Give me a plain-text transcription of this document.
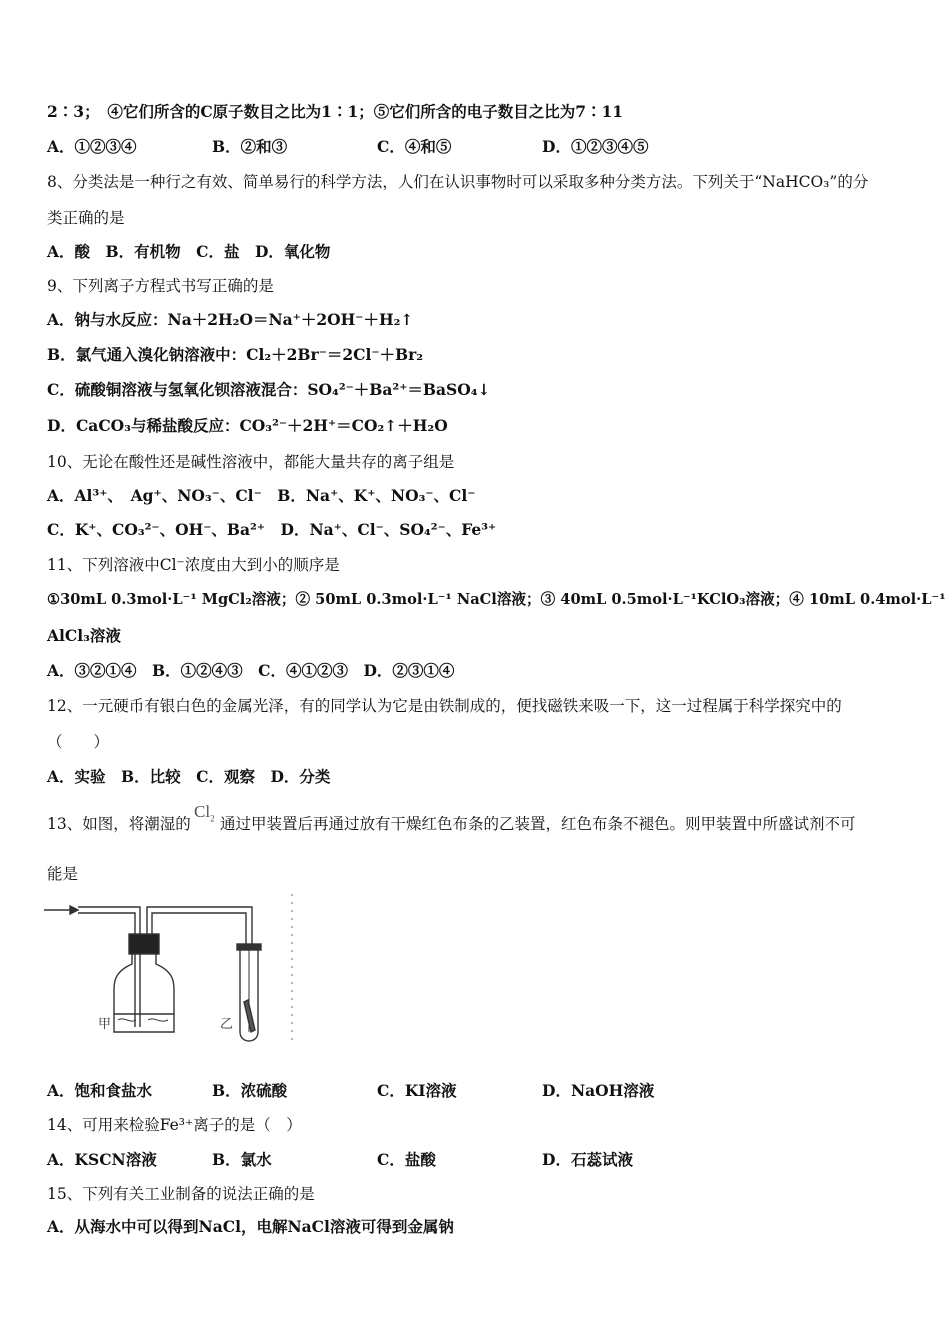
2∶3；　④它们所含的C原子数目之比为1∶1；⑤它们所含的电子数目之比为7∶11
A．①②③④	B．②和③	C．④和⑤	D．①②③④⑤
8、分类法是一种行之有效、简单易行的科学方法，人们在认识事物时可以采取多种分类方法。下列关于“NaHCO₃”的分
类正确的是
A．酸　B．有机物　C．盐　D．氧化物
9、下列离子方程式书写正确的是
A．钠与水反应：Na＋2H₂O＝Na⁺＋2OH⁻＋H₂↑
B．氯气通入溴化钠溶液中：Cl₂＋2Br⁻＝2Cl⁻＋Br₂
C．硫酸铜溶液与氢氧化钡溶液混合：SO₄²⁻＋Ba²⁺＝BaSO₄↓
D．CaCO₃与稀盐酸反应：CO₃²⁻＋2H⁺＝CO₂↑＋H₂O
10、无论在酸性还是碱性溶液中，都能大量共存的离子组是
A．Al³⁺、　Ag⁺、NO₃⁻、Cl⁻　B．Na⁺、K⁺、NO₃⁻、Cl⁻
C．K⁺、CO₃²⁻、OH⁻、Ba²⁺　D．Na⁺、Cl⁻、SO₄²⁻、Fe³⁺
11、下列溶液中Cl⁻浓度由大到小的顺序是
①30mL 0.3mol·L⁻¹ MgCl₂溶液；② 50mL 0.3mol·L⁻¹ NaCl溶液；③ 40mL 0.5mol·L⁻¹KClO₃溶液；④ 10mL 0.4mol·L⁻¹
AlCl₃溶液
A．③②①④　B．①②④③　C．④①②③　D．②③①④
12、一元硬币有银白色的金属光泽，有的同学认为它是由铁制成的，便找磁铁来吸一下，这一过程属于科学探究中的
（　　）
A．实验　B．比较　C．观察　D．分类
13、如图，将潮湿的
$Cl_2$ 通过甲装置后再通过放有干燥红色布条的乙装置，红色布条不褪色。则甲装置中所盛试剂不可
能是
甲	乙
A．饱和食盐水	B．浓硫酸	C．KI溶液	D．NaOH溶液
14、可用来检验Fe³⁺离子的是（　）
A．KSCN溶液	B．氯水	C．盐酸	D．石蕊试液
15、下列有关工业制备的说法正确的是
A．从海水中可以得到NaCl，电解NaCl溶液可得到金属钠
